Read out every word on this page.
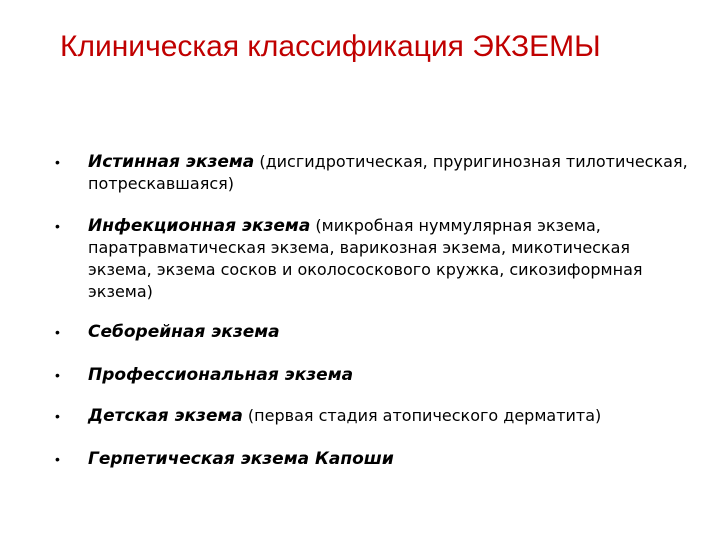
Клиническая классификация ЭКЗЕМЫ
• Истинная экзема (дисгидротическая, пруригинозная тилотическая, потрескавшаяся)
• Инфекционная экзема (микробная нуммулярная экзема, паратравматическая экзема, варикозная экзема, микотическая экзема, экзема сосков и околососкового кружка, сикозиформная экзема)
• Себорейная экзема
• Профессиональная экзема
• Детская экзема (первая стадия атопического дерматита)
• Герпетическая экзема Капоши
